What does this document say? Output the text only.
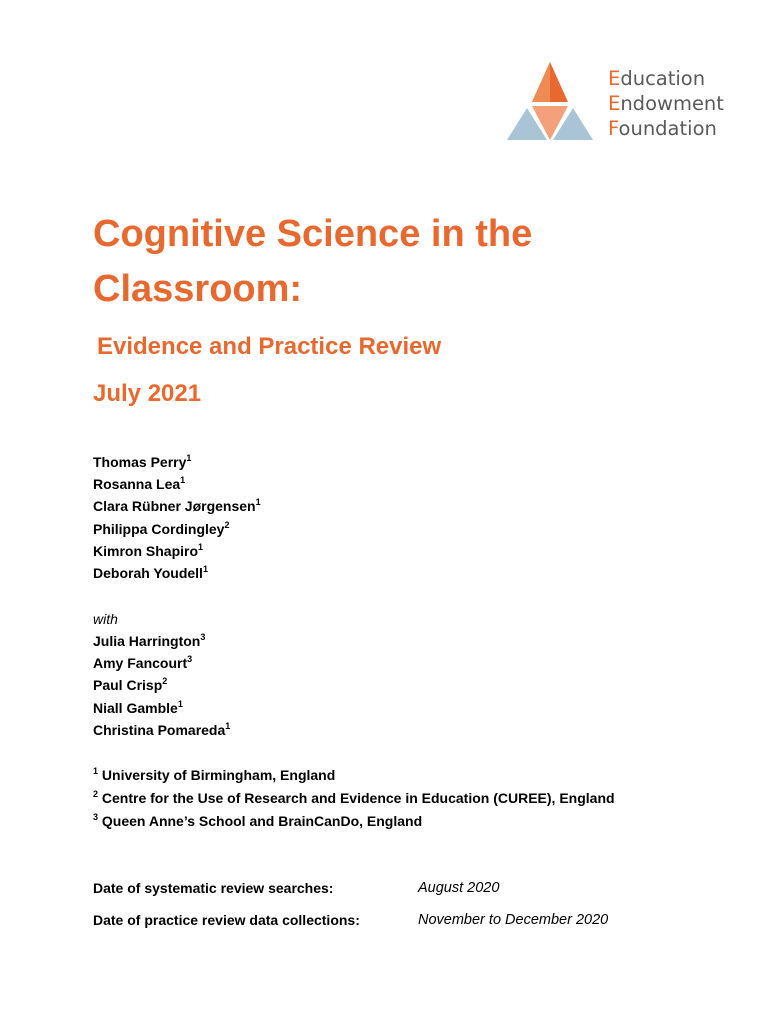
Education
Endowment
Foundation
Cognitive Science in the Classroom:
Evidence and Practice Review
July 2021
Thomas Perry$^1$
Rosanna Lea$^1$
Clara Rübner Jørgensen$^1$
Philippa Cordingley$^2$
Kimron Shapiro$^1$
Deborah Youdell$^1$
with
Julia Harrington$^3$
Amy Fancourt$^3$
Paul Crisp$^2$
Niall Gamble$^1$
Christina Pomareda$^1$
$^1$ University of Birmingham, England
$^2$ Centre for the Use of Research and Evidence in Education (CUREE), England
$^3$ Queen Anne’s School and BrainCanDo, England
Date of systematic review searches:	August 2020
Date of practice review data collections:	November to December 2020
